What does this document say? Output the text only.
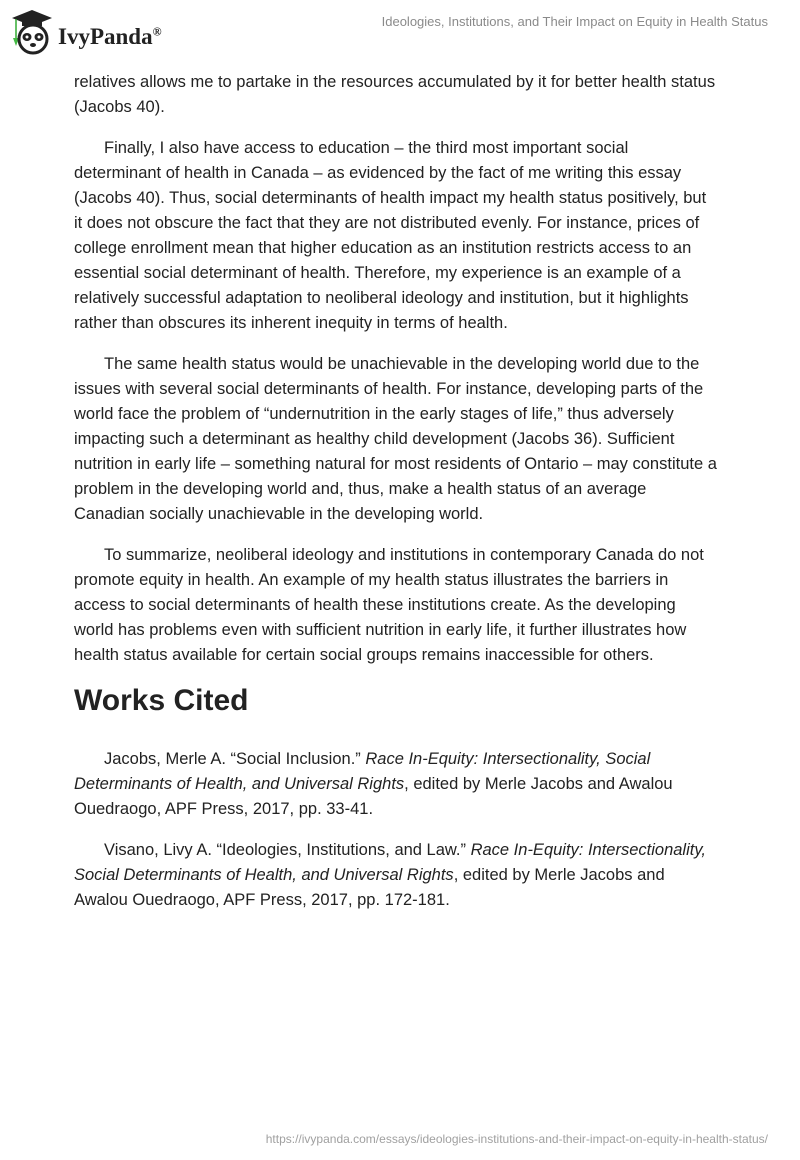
IvyPanda®
Ideologies, Institutions, and Their Impact on Equity in Health Status
relatives allows me to partake in the resources accumulated by it for better health status
(Jacobs 40).
Finally, I also have access to education – the third most important social
determinant of health in Canada – as evidenced by the fact of me writing this essay
(Jacobs 40). Thus, social determinants of health impact my health status positively, but
it does not obscure the fact that they are not distributed evenly. For instance, prices of
college enrollment mean that higher education as an institution restricts access to an
essential social determinant of health. Therefore, my experience is an example of a
relatively successful adaptation to neoliberal ideology and institution, but it highlights
rather than obscures its inherent inequity in terms of health.
The same health status would be unachievable in the developing world due to the
issues with several social determinants of health. For instance, developing parts of the
world face the problem of “undernutrition in the early stages of life,” thus adversely
impacting such a determinant as healthy child development (Jacobs 36). Sufficient
nutrition in early life – something natural for most residents of Ontario – may constitute a
problem in the developing world and, thus, make a health status of an average
Canadian socially unachievable in the developing world.
To summarize, neoliberal ideology and institutions in contemporary Canada do not
promote equity in health. An example of my health status illustrates the barriers in
access to social determinants of health these institutions create. As the developing
world has problems even with sufficient nutrition in early life, it further illustrates how
health status available for certain social groups remains inaccessible for others.
Works Cited
Jacobs, Merle A. “Social Inclusion.” Race In-Equity: Intersectionality, Social
Determinants of Health, and Universal Rights, edited by Merle Jacobs and Awalou
Ouedraogo, APF Press, 2017, pp. 33-41.
Visano, Livy A. “Ideologies, Institutions, and Law.” Race In-Equity: Intersectionality,
Social Determinants of Health, and Universal Rights, edited by Merle Jacobs and
Awalou Ouedraogo, APF Press, 2017, pp. 172-181.
https://ivypanda.com/essays/ideologies-institutions-and-their-impact-on-equity-in-health-status/
